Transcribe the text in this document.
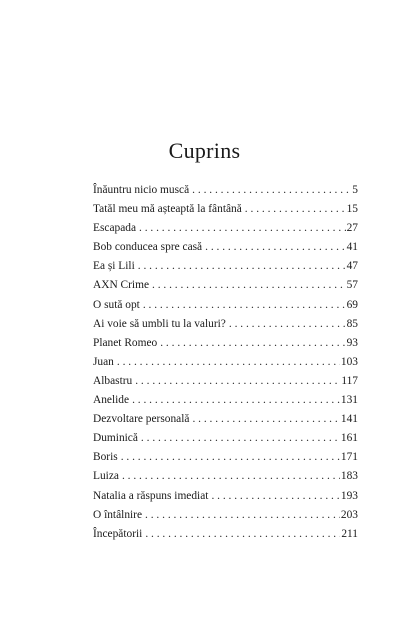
Cuprins
Înăuntru nicio muscă . . .	5
Tatăl meu mă așteaptă la fântână . . .	15
Escapada . . .	27
Bob conducea spre casă . . .	41
Ea și Lili . . .	47
AXN Crime . . .	57
O sută opt . . .	69
Ai voie să umbli tu la valuri? . . .	85
Planet Romeo . . .	93
Juan . . .	103
Albastru . . .	117
Anelide . . .	131
Dezvoltare personală . . .	141
Duminică . . .	161
Boris . . .	171
Luiza . . .	183
Natalia a răspuns imediat . . .	193
O întâlnire . . .	203
Începătorii . . .	211
